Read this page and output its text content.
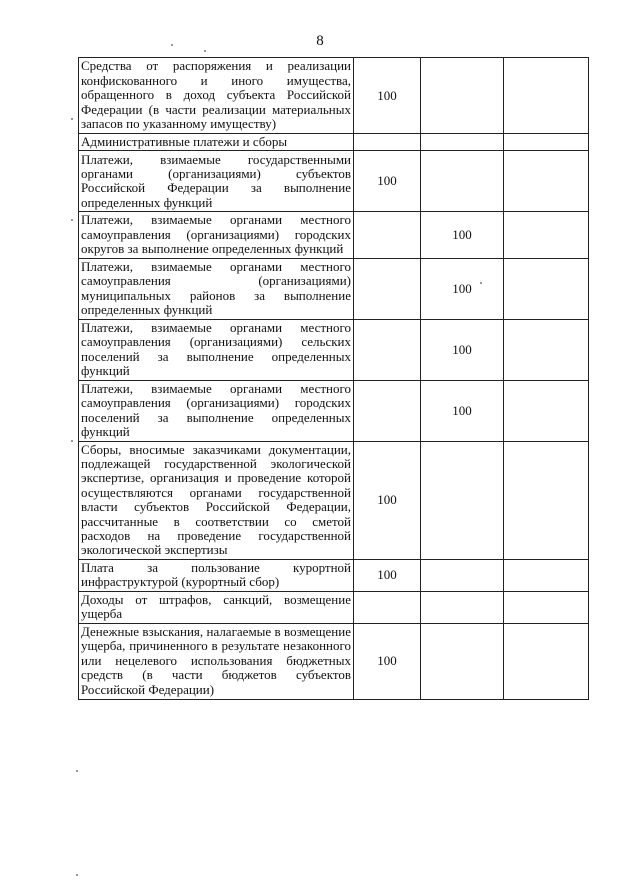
8
Средства от распоряжения и реализации конфискованного и иного имущества, обращенного в доход субъекта Российской Федерации (в части реализации материальных запасов по указанному имуществу)	100		
Административные платежи и сборы			
Платежи, взимаемые государственными органами (организациями) субъектов Российской Федерации за выполнение определенных функций	100		
Платежи, взимаемые органами местного самоуправления (организациями) городских округов за выполнение определенных функций		100	
Платежи, взимаемые органами местного самоуправления (организациями) муниципальных районов за выполнение определенных функций		100	
Платежи, взимаемые органами местного самоуправления (организациями) сельских поселений за выполнение определенных функций		100	
Платежи, взимаемые органами местного самоуправления (организациями) городских поселений за выполнение определенных функций		100	
Сборы, вносимые заказчиками документации, подлежащей государственной экологической экспертизе, организация и проведение которой осуществляются органами государственной власти субъектов Российской Федерации, рассчитанные в соответствии со сметой расходов на проведение государственной экологической экспертизы	100		
Плата за пользование курортной инфраструктурой (курортный сбор)	100		
Доходы от штрафов, санкций, возмещение ущерба			
Денежные взыскания, налагаемые в возмещение ущерба, причиненного в результате незаконного или нецелевого использования бюджетных средств (в части бюджетов субъектов Российской Федерации)	100		
